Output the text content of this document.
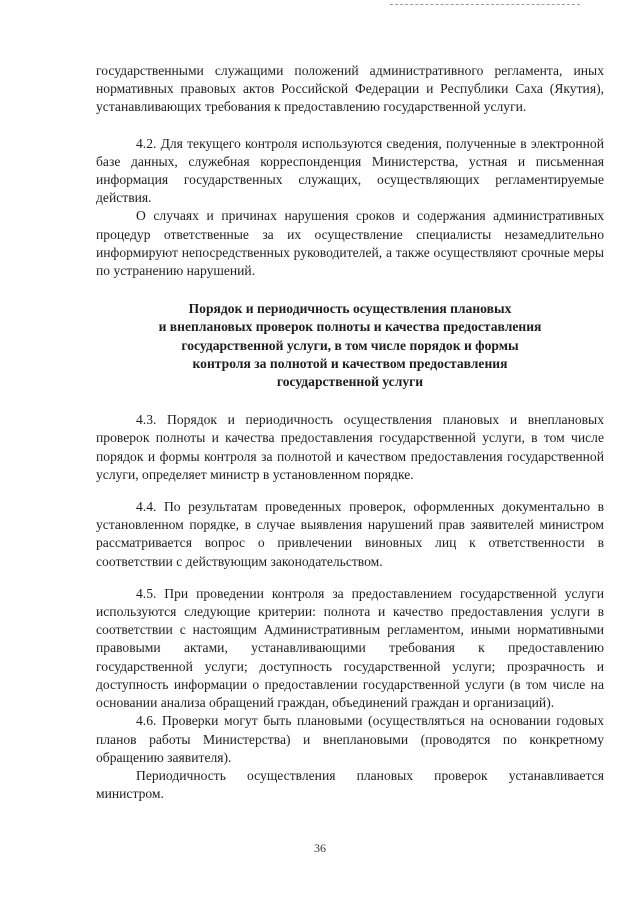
государственными служащими положений административного регламента, иных нормативных правовых актов Российской Федерации и Республики Саха (Якутия), устанавливающих требования к предоставлению государственной услуги.

4.2. Для текущего контроля используются сведения, полученные в электронной базе данных, служебная корреспонденция Министерства, устная и письменная информация государственных служащих, осуществляющих регламентируемые действия.

О случаях и причинах нарушения сроков и содержания административных процедур ответственные за их осуществление специалисты незамедлительно информируют непосредственных руководителей, а также осуществляют срочные меры по устранению нарушений.

Порядок и периодичность осуществления плановых
и внеплановых проверок полноты и качества предоставления
государственной услуги, в том числе порядок и формы
контроля за полнотой и качеством предоставления
государственной услуги

4.3. Порядок и периодичность осуществления плановых и внеплановых проверок полноты и качества предоставления государственной услуги, в том числе порядок и формы контроля за полнотой и качеством предоставления государственной услуги, определяет министр в установленном порядке.

4.4. По результатам проведенных проверок, оформленных документально в установленном порядке, в случае выявления нарушений прав заявителей министром рассматривается вопрос о привлечении виновных лиц к ответственности в соответствии с действующим законодательством.

4.5. При проведении контроля за предоставлением государственной услуги используются следующие критерии: полнота и качество предоставления услуги в соответствии с настоящим Административным регламентом, иными нормативными правовыми актами, устанавливающими требования к предоставлению государственной услуги; доступность государственной услуги; прозрачность и доступность информации о предоставлении государственной услуги (в том числе на основании анализа обращений граждан, объединений граждан и организаций).

4.6. Проверки могут быть плановыми (осуществляться на основании годовых планов работы Министерства) и внеплановыми (проводятся по конкретному обращению заявителя).

Периодичность осуществления плановых проверок устанавливается министром.

36
